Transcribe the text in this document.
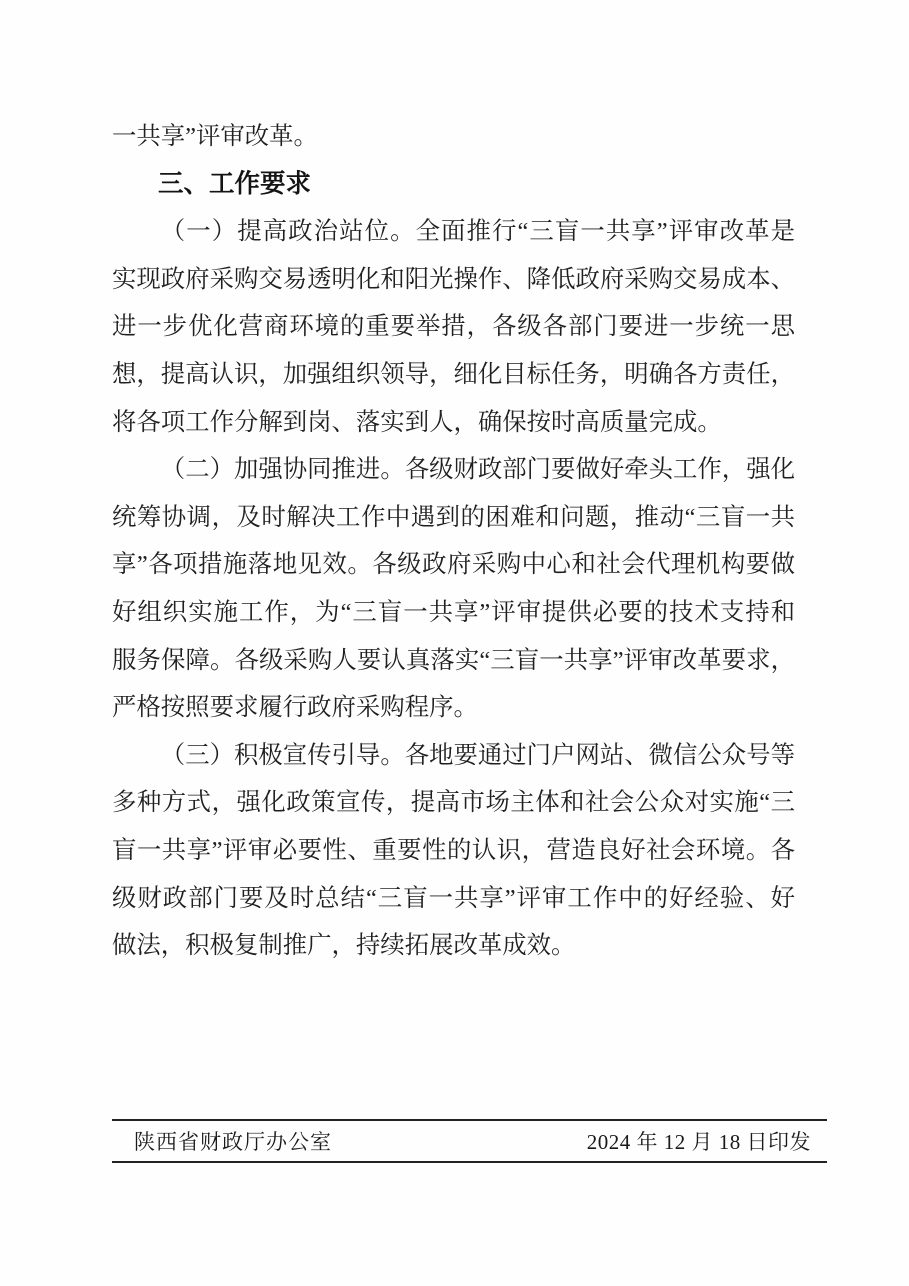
一共享”评审改革。
三、工作要求
（一）提高政治站位。全面推行“三盲一共享”评审改革是
实现政府采购交易透明化和阳光操作、降低政府采购交易成本、
进一步优化营商环境的重要举措，各级各部门要进一步统一思
想，提高认识，加强组织领导，细化目标任务，明确各方责任，
将各项工作分解到岗、落实到人，确保按时高质量完成。
（二）加强协同推进。各级财政部门要做好牵头工作，强化
统筹协调，及时解决工作中遇到的困难和问题，推动“三盲一共
享”各项措施落地见效。各级政府采购中心和社会代理机构要做
好组织实施工作，为“三盲一共享”评审提供必要的技术支持和
服务保障。各级采购人要认真落实“三盲一共享”评审改革要求，
严格按照要求履行政府采购程序。
（三）积极宣传引导。各地要通过门户网站、微信公众号等
多种方式，强化政策宣传，提高市场主体和社会公众对实施“三
盲一共享”评审必要性、重要性的认识，营造良好社会环境。各
级财政部门要及时总结“三盲一共享”评审工作中的好经验、好
做法，积极复制推广，持续拓展改革成效。
陕西省财政厅办公室	2024 年 12 月 18 日印发
